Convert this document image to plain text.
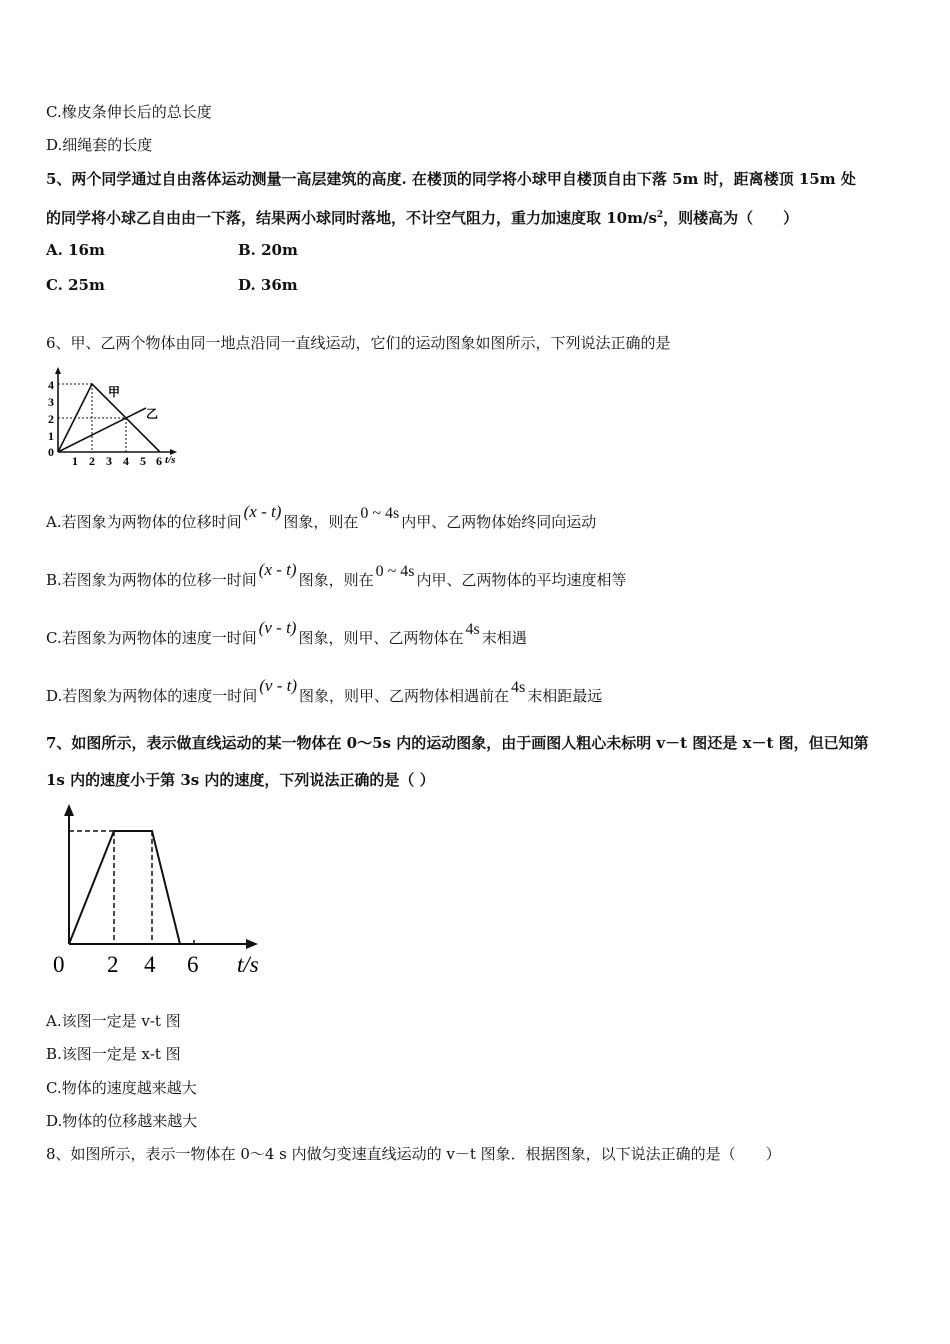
C.橡皮条伸长后的总长度
D.细绳套的长度
5、两个同学通过自由落体运动测量一高层建筑的高度. 在楼顶的同学将小球甲自楼顶自由下落 5m 时，距离楼顶 15m 处
的同学将小球乙自由由一下落，结果两小球同时落地，不计空气阻力，重力加速度取 $10m/s^2$，则楼高为（　　）
A. 16m	B. 20m
C. 25m	D. 36m
6、甲、乙两个物体由同一地点沿同一直线运动，它们的运动图象如图所示，下列说法正确的是
甲
乙
4
3
2
1
0
1 2 3 4 5 6 t/s
A.若图象为两物体的位移时间(x - t)图象，则在 0 ~ 4s 内甲、乙两物体始终同向运动
B.若图象为两物体的位移一时间(x - t)图象，则在 0 ~ 4s 内甲、乙两物体的平均速度相等
C.若图象为两物体的速度一时间(v - t)图象，则甲、乙两物体在 4s 末相遇
D.若图象为两物体的速度一时间(v - t)图象，则甲、乙两物体相遇前在 4s 末相距最远
7、如图所示，表示做直线运动的某一物体在 0～5s 内的运动图象，由于画图人粗心未标明 v－t 图还是 x－t 图，但已知第
1s 内的速度小于第 3s 内的速度，下列说法正确的是（ ）
0 2 4 6 t/s
A.该图一定是 v-t 图
B.该图一定是 x-t 图
C.物体的速度越来越大
D.物体的位移越来越大
8、如图所示，表示一物体在 0～4 s 内做匀变速直线运动的 v－t 图象．根据图象，以下说法正确的是（　　）
